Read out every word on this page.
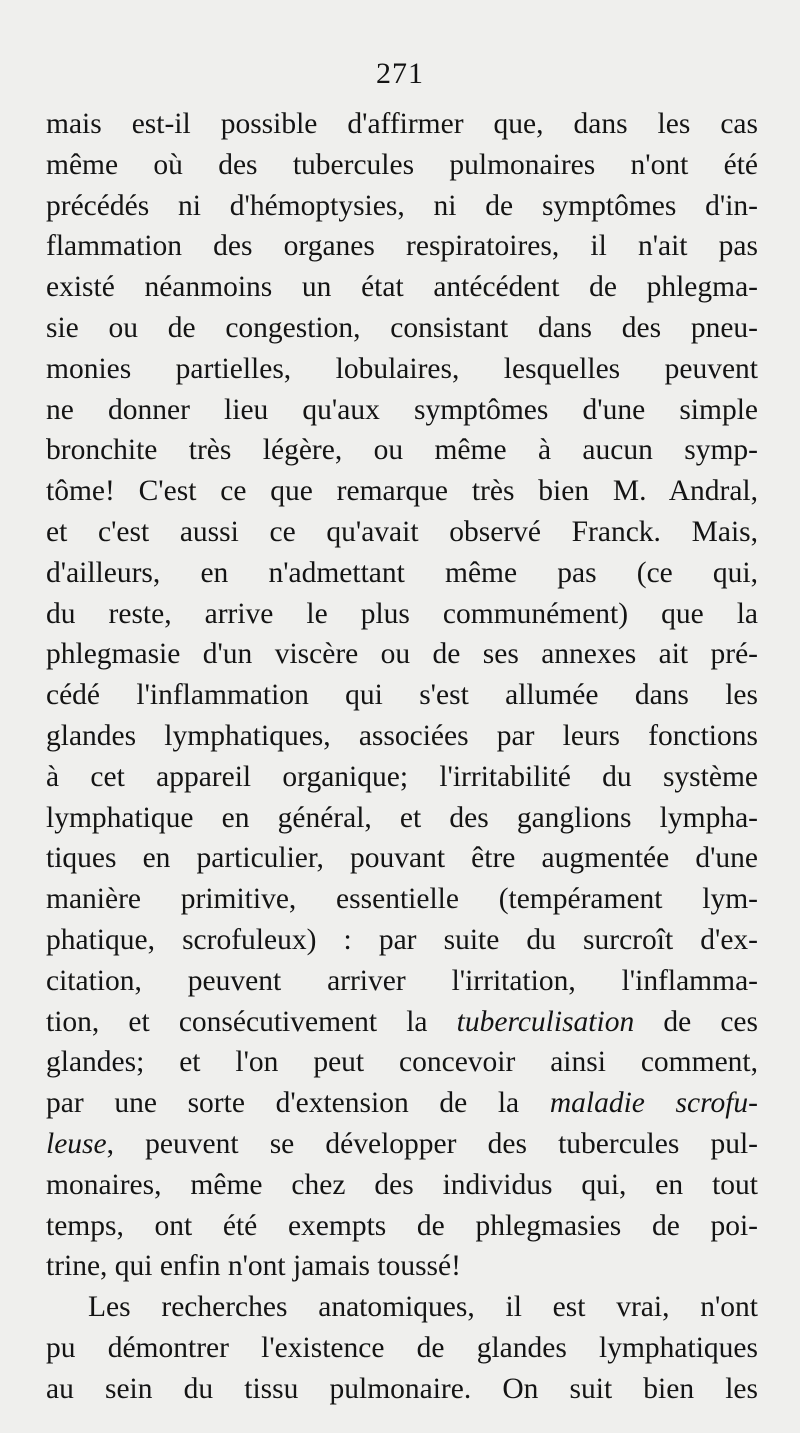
271
mais est-il possible d'affirmer que, dans les cas
même où des tubercules pulmonaires n'ont été
précédés ni d'hémoptysies, ni de symptômes d'in-
flammation des organes respiratoires, il n'ait pas
existé néanmoins un état antécédent de phlegma-
sie ou de congestion, consistant dans des pneu-
monies partielles, lobulaires, lesquelles peuvent
ne donner lieu qu'aux symptômes d'une simple
bronchite très légère, ou même à aucun symp-
tôme! C'est ce que remarque très bien M. Andral,
et c'est aussi ce qu'avait observé Franck. Mais,
d'ailleurs, en n'admettant même pas (ce qui,
du reste, arrive le plus communément) que la
phlegmasie d'un viscère ou de ses annexes ait pré-
cédé l'inflammation qui s'est allumée dans les
glandes lymphatiques, associées par leurs fonctions
à cet appareil organique; l'irritabilité du système
lymphatique en général, et des ganglions lympha-
tiques en particulier, pouvant être augmentée d'une
manière primitive, essentielle (tempérament lym-
phatique, scrofuleux) : par suite du surcroît d'ex-
citation, peuvent arriver l'irritation, l'inflamma-
tion, et consécutivement la tuberculisation de ces
glandes; et l'on peut concevoir ainsi comment,
par une sorte d'extension de la maladie scrofu-
leuse, peuvent se développer des tubercules pul-
monaires, même chez des individus qui, en tout
temps, ont été exempts de phlegmasies de poi-
trine, qui enfin n'ont jamais toussé!
Les recherches anatomiques, il est vrai, n'ont
pu démontrer l'existence de glandes lymphatiques
au sein du tissu pulmonaire. On suit bien les
